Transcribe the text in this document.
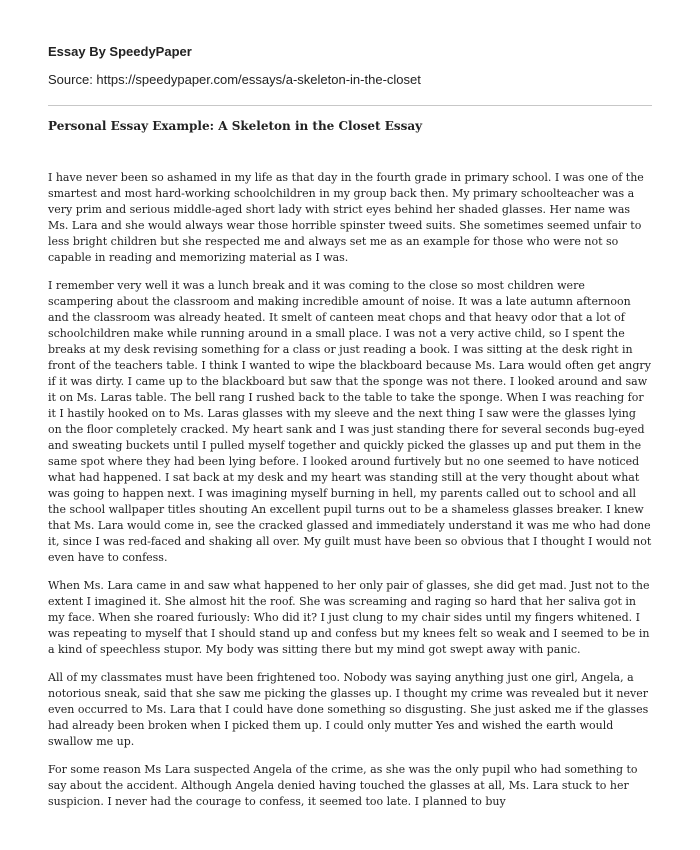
Essay By SpeedyPaper
Source: https://speedypaper.com/essays/a-skeleton-in-the-closet
Personal Essay Example: A Skeleton in the Closet Essay

I have never been so ashamed in my life as that day in the fourth grade in primary school. I was one of the smartest and most hard-working schoolchildren in my group back then. My primary schoolteacher was a very prim and serious middle-aged short lady with strict eyes behind her shaded glasses. Her name was Ms. Lara and she would always wear those horrible spinster tweed suits. She sometimes seemed unfair to less bright children but she respected me and always set me as an example for those who were not so capable in reading and memorizing material as I was.

I remember very well it was a lunch break and it was coming to the close so most children were scampering about the classroom and making incredible amount of noise. It was a late autumn afternoon and the classroom was already heated. It smelt of canteen meat chops and that heavy odor that a lot of schoolchildren make while running around in a small place. I was not a very active child, so I spent the breaks at my desk revising something for a class or just reading a book. I was sitting at the desk right in front of the teachers table. I think I wanted to wipe the blackboard because Ms. Lara would often get angry if it was dirty. I came up to the blackboard but saw that the sponge was not there. I looked around and saw it on Ms. Laras table. The bell rang I rushed back to the table to take the sponge. When I was reaching for it I hastily hooked on to Ms. Laras glasses with my sleeve and the next thing I saw were the glasses lying on the floor completely cracked. My heart sank and I was just standing there for several seconds bug-eyed and sweating buckets until I pulled myself together and quickly picked the glasses up and put them in the same spot where they had been lying before. I looked around furtively but no one seemed to have noticed what had happened. I sat back at my desk and my heart was standing still at the very thought about what was going to happen next. I was imagining myself burning in hell, my parents called out to school and all the school wallpaper titles shouting An excellent pupil turns out to be a shameless glasses breaker. I knew that Ms. Lara would come in, see the cracked glassed and immediately understand it was me who had done it, since I was red-faced and shaking all over. My guilt must have been so obvious that I thought I would not even have to confess.

When Ms. Lara came in and saw what happened to her only pair of glasses, she did get mad. Just not to the extent I imagined it. She almost hit the roof. She was screaming and raging so hard that her saliva got in my face. When she roared furiously: Who did it? I just clung to my chair sides until my fingers whitened. I was repeating to myself that I should stand up and confess but my knees felt so weak and I seemed to be in a kind of speechless stupor. My body was sitting there but my mind got swept away with panic.

All of my classmates must have been frightened too. Nobody was saying anything just one girl, Angela, a notorious sneak, said that she saw me picking the glasses up. I thought my crime was revealed but it never even occurred to Ms. Lara that I could have done something so disgusting. She just asked me if the glasses had already been broken when I picked them up. I could only mutter Yes and wished the earth would swallow me up.

For some reason Ms Lara suspected Angela of the crime, as she was the only pupil who had something to say about the accident. Although Angela denied having touched the glasses at all, Ms. Lara stuck to her suspicion. I never had the courage to confess, it seemed too late. I planned to buy
